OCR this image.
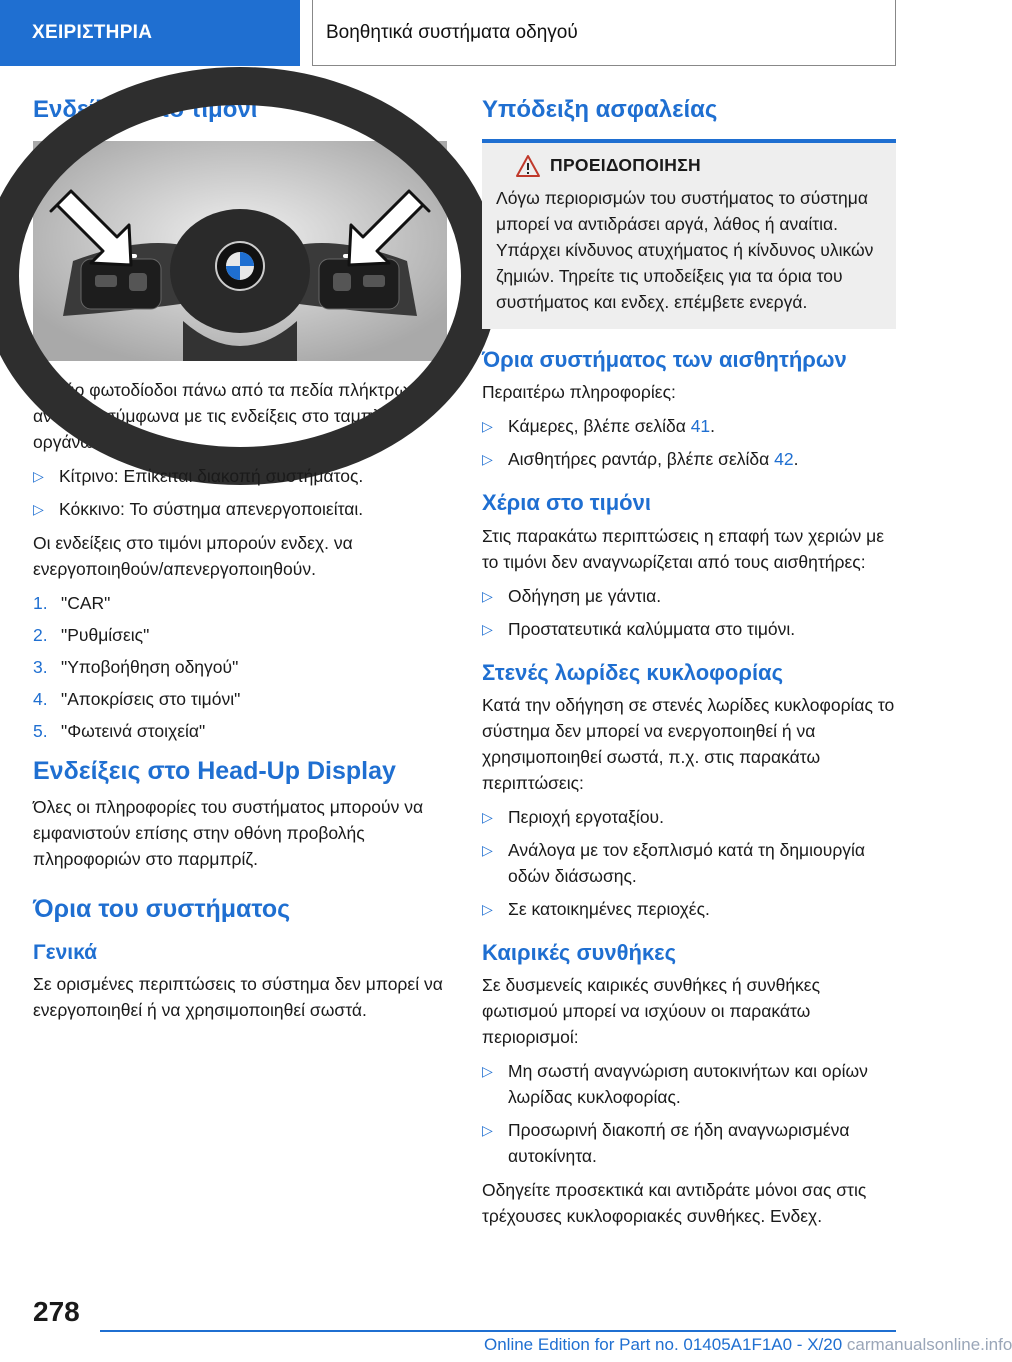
ΧΕΙΡΙΣΤΗΡΙΑ	Βοηθητικά συστήματα οδηγού
Ενδείξεις στο τιμόνι

Οι δύο φωτοδίοδοι πάνω από τα πεδία πλήκτρων ανάβουν σύμφωνα με τις ενδείξεις στο ταμπλό οργάνων:

▷ Κίτρινο: Επίκειται διακοπή συστήματος.
▷ Κόκκινο: Το σύστημα απενεργοποιείται.

Οι ενδείξεις στο τιμόνι μπορούν ενδεχ. να ενεργοποιηθούν/απενεργοποιηθούν.

1. "CAR"
2. "Ρυθμίσεις"
3. "Υποβοήθηση οδηγού"
4. "Αποκρίσεις στο τιμόνι"
5. "Φωτεινά στοιχεία"
Ενδείξεις στο Head-Up Display

Όλες οι πληροφορίες του συστήματος μπορούν να εμφανιστούν επίσης στην οθόνη προβολής πληροφοριών στο παρμπρίζ.

Όρια του συστήματος
Γενικά

Σε ορισμένες περιπτώσεις το σύστημα δεν μπορεί να ενεργοποιηθεί ή να χρησιμοποιηθεί σωστά.

Υπόδειξη ασφαλείας
ΠΡΟΕΙΔΟΠΟΙΗΣΗ

Λόγω περιορισμών του συστήματος το σύστημα μπορεί να αντιδράσει αργά, λάθος ή αναίτια. Υπάρχει κίνδυνος ατυχήματος ή κίνδυνος υλικών ζημιών. Τηρείτε τις υποδείξεις για τα όρια του συστήματος και ενδεχ. επέμβετε ενεργά.

Όρια συστήματος των αισθητήρων

Περαιτέρω πληροφορίες:

▷ Κάμερες, βλέπε σελίδα 41.
▷ Αισθητήρες ραντάρ, βλέπε σελίδα 42.
Χέρια στο τιμόνι

Στις παρακάτω περιπτώσεις η επαφή των χεριών με το τιμόνι δεν αναγνωρίζεται από τους αισθητήρες:

▷ Οδήγηση με γάντια.
▷ Προστατευτικά καλύμματα στο τιμόνι.
Στενές λωρίδες κυκλοφορίας

Κατά την οδήγηση σε στενές λωρίδες κυκλοφορίας το σύστημα δεν μπορεί να ενεργοποιηθεί ή να χρησιμοποιηθεί σωστά, π.χ. στις παρακάτω περιπτώσεις:

▷ Περιοχή εργοταξίου.
▷ Ανάλογα με τον εξοπλισμό κατά τη δημιουργία οδών διάσωσης.
▷ Σε κατοικημένες περιοχές.
Καιρικές συνθήκες

Σε δυσμενείς καιρικές συνθήκες ή συνθήκες φωτισμού μπορεί να ισχύουν οι παρακάτω περιορισμοί:

▷ Μη σωστή αναγνώριση αυτοκινήτων και ορίων λωρίδας κυκλοφορίας.
▷ Προσωρινή διακοπή σε ήδη αναγνωρισμένα αυτοκίνητα.

Οδηγείτε προσεκτικά και αντιδράτε μόνοι σας στις τρέχουσες κυκλοφοριακές συνθήκες. Ενδεχ.

278
Online Edition for Part no. 01405A1F1A0 - X/20 carmanualsonline.info
